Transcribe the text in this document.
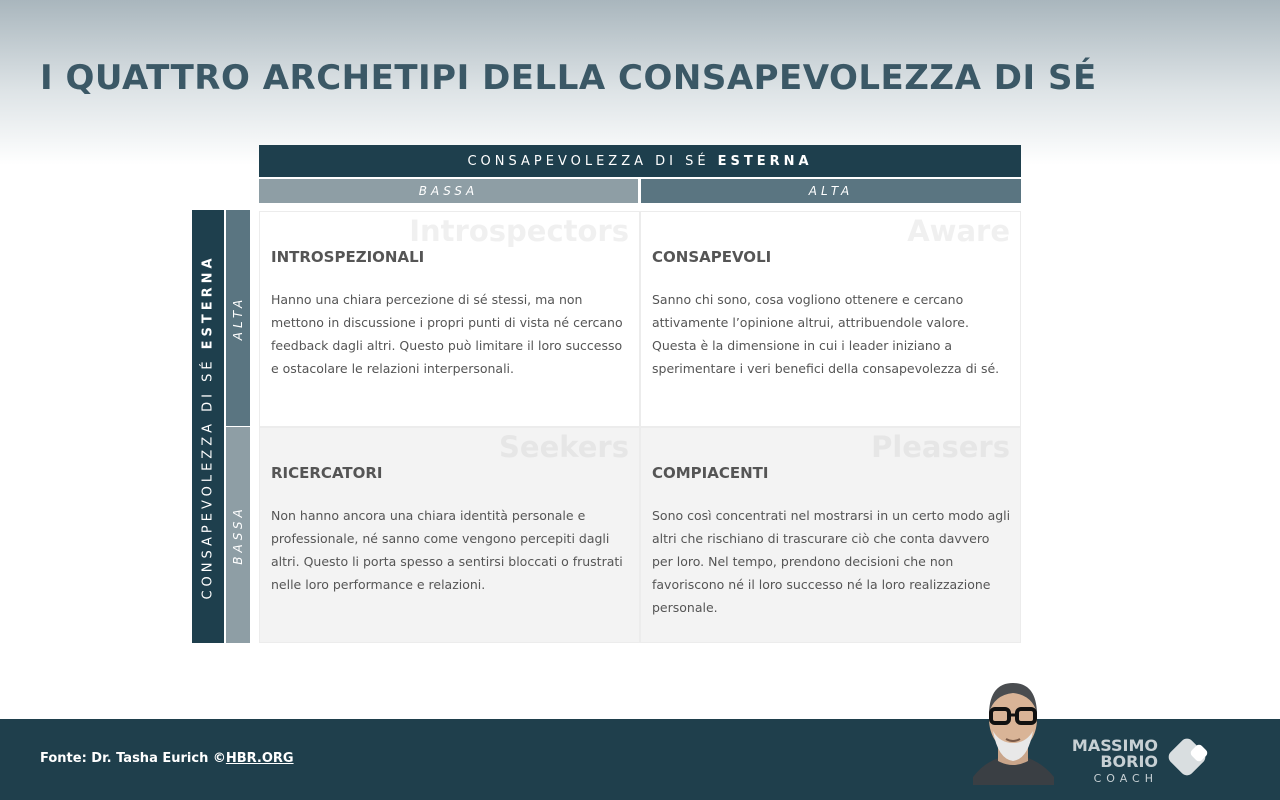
I QUATTRO ARCHETIPI DELLA CONSAPEVOLEZZA DI SÉ
CONSAPEVOLEZZA DI SÉ ESTERNA
BASSA	ALTA
CONSAPEVOLEZZA DI SÉESTERNA ALTA
BASSA
Introspectors
INTROSPEZIONALI

Hanno una chiara percezione di sé stessi, ma non mettono in discussione i propri punti di vista né cercano feedback dagli altri. Questo può limitare il loro successo e ostacolare le relazioni interpersonali.

Aware
CONSAPEVOLI

Sanno chi sono, cosa vogliono ottenere e cercano attivamente l’opinione altrui, attribuendole valore. Questa è la dimensione in cui i leader iniziano a sperimentare i veri benefici della consapevolezza di sé.

Seekers
RICERCATORI

Non hanno ancora una chiara identità personale e professionale, né sanno come vengono percepiti dagli altri. Questo li porta spesso a sentirsi bloccati o frustrati nelle loro performance e relazioni.

Pleasers
COMPIACENTI

Sono così concentrati nel mostrarsi in un certo modo agli altri che rischiano di trascurare ciò che conta davvero per loro. Nel tempo, prendono decisioni che non favoriscono né il loro successo né la loro realizzazione personale.

Fonte: Dr. Tasha Eurich ©HBR.ORG
MASSIMO
BORIO
COACH
